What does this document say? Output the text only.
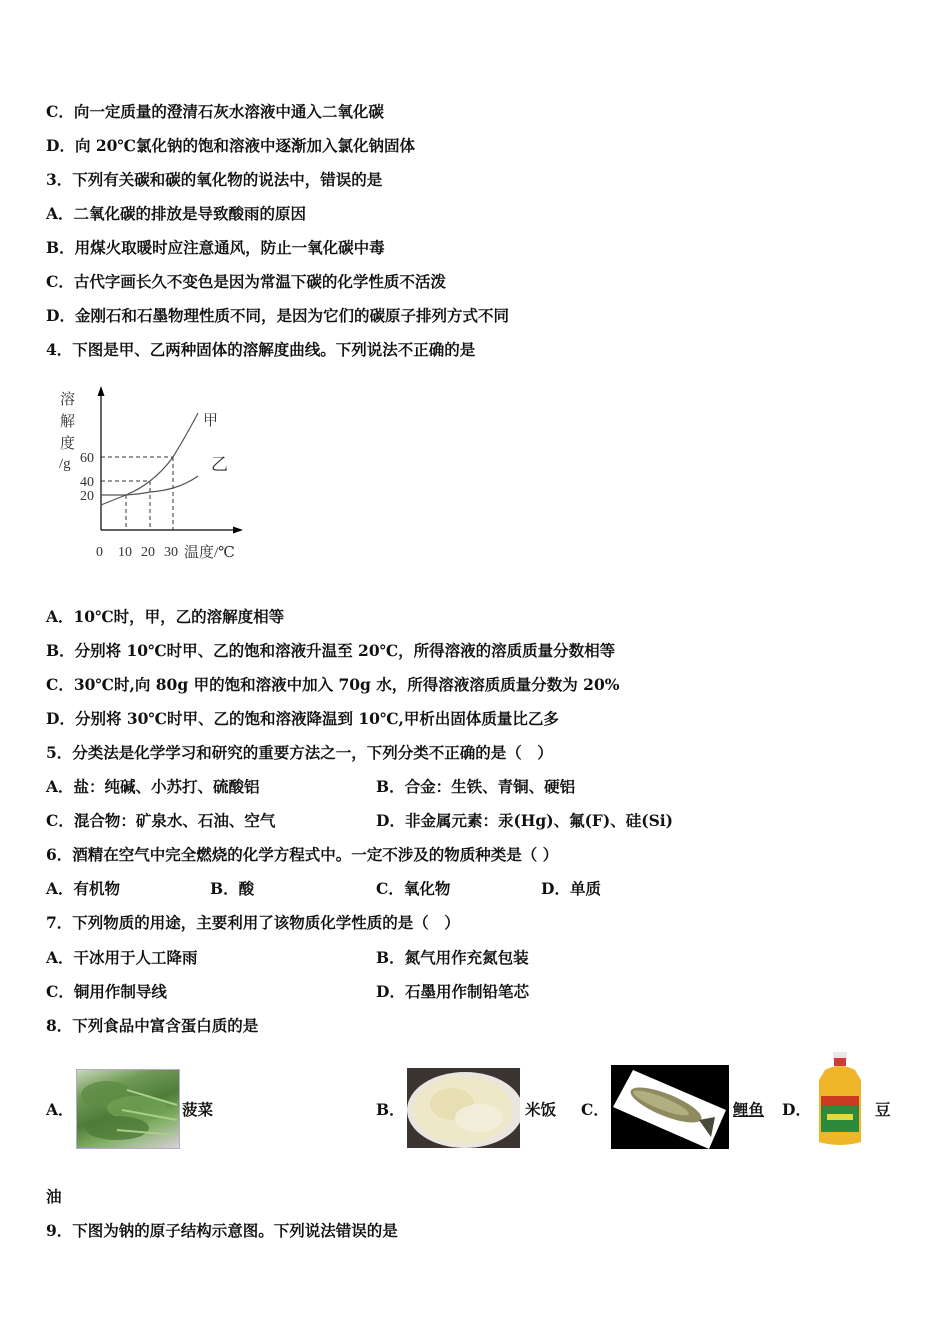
C．向一定质量的澄清石灰水溶液中通入二氧化碳
D．向 20℃氯化钠的饱和溶液中逐渐加入氯化钠固体
3．下列有关碳和碳的氧化物的说法中，错误的是
A．二氧化碳的排放是导致酸雨的原因
B．用煤火取暖时应注意通风，防止一氧化碳中毒
C．古代字画长久不变色是因为常温下碳的化学性质不活泼
D．金刚石和石墨物理性质不同，是因为它们的碳原子排列方式不同
4．下图是甲、乙两种固体的溶解度曲线。下列说法不正确的是
溶
解
度
/g 60
40
20
0 10 20 30 温度/℃
甲
乙
A．10℃时，甲，乙的溶解度相等
B．分别将 10℃时甲、乙的饱和溶液升温至 20℃，所得溶液的溶质质量分数相等
C．30℃时,向 80g 甲的饱和溶液中加入 70g 水，所得溶液溶质质量分数为 20%
D．分别将 30℃时甲、乙的饱和溶液降温到 10℃,甲析出固体质量比乙多
5．分类法是化学学习和研究的重要方法之一，下列分类不正确的是（　）
A．盐：纯碱、小苏打、硫酸铝	B．合金：生铁、青铜、硬铝
C．混合物：矿泉水、石油、空气	D．非金属元素：汞(Hg)、氟(F)、硅(Si)
6．酒精在空气中完全燃烧的化学方程式中。一定不涉及的物质种类是（ ）
A．有机物	B．酸	C．氧化物	D．单质
7．下列物质的用途，主要利用了该物质化学性质的是（　）
A．干冰用于人工降雨	B．氮气用作充氮包装
C．铜用作制导线	D．石墨用作制铅笔芯
8．下列食品中富含蛋白质的是
A．	菠菜	B．	米饭 C．	鲤鱼 D．	豆
油
9．下图为钠的原子结构示意图。下列说法错误的是
